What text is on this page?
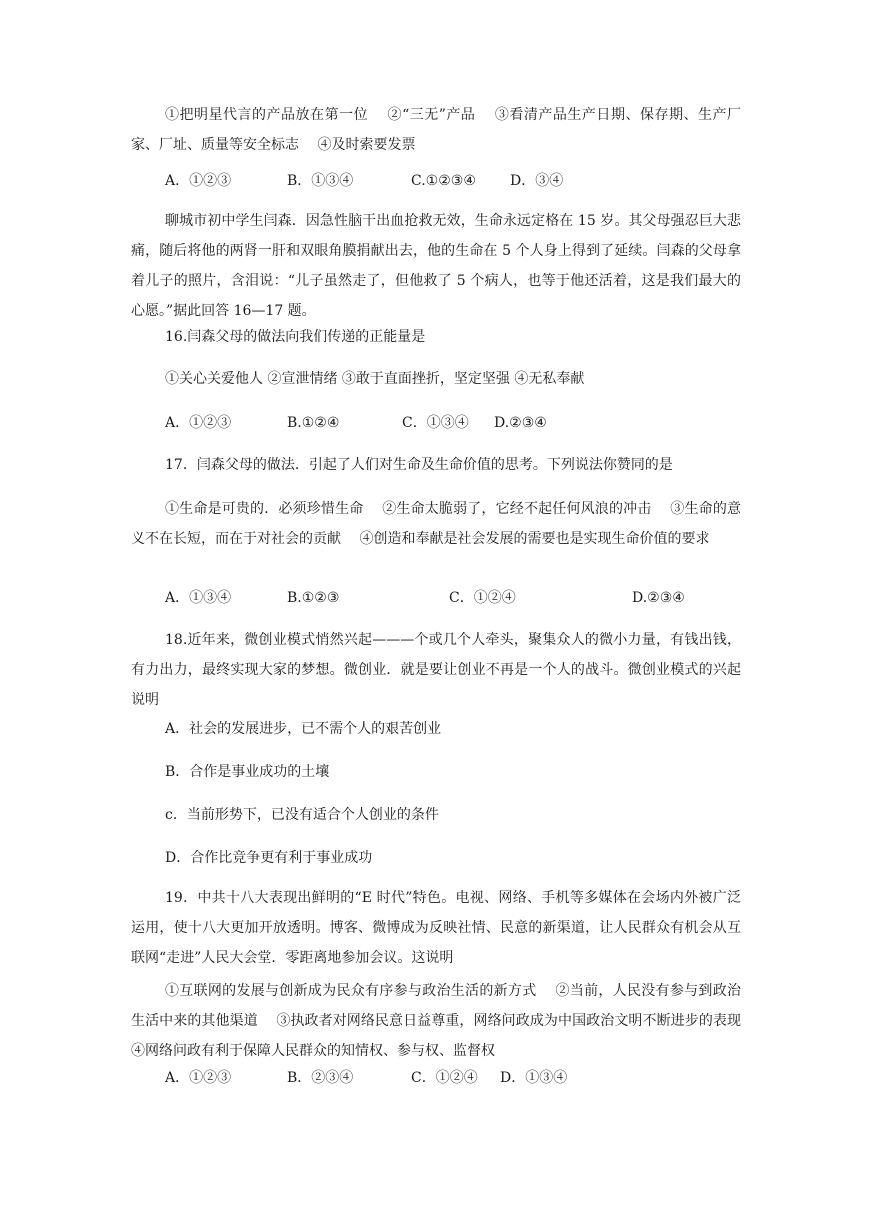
①把明星代言的产品放在第一位　 ②“三无”产品　 ③看清产品生产日期、保存期、生产厂家、厂址、质量等安全标志　 ④及时索要发票

A．①②③	B．①③④	C.①②③④ D．③④

聊城市初中学生闫森．因急性脑干出血抢救无效，生命永远定格在 15 岁。其父母强忍巨大悲痛，随后将他的两肾一肝和双眼角膜捐献出去，他的生命在 5 个人身上得到了延续。闫森的父母拿着儿子的照片，含泪说：“儿子虽然走了，但他救了 5 个病人，也等于他还活着，这是我们最大的心愿。”据此回答 16—17 题。

16.闫森父母的做法向我们传递的正能量是

①关心关爱他人 ②宣泄情绪 ③敢于直面挫折，坚定坚强 ④无私奉献

A．①②③	B.①②④	C．①③④ D.②③④

17．闫森父母的做法．引起了人们对生命及生命价值的思考。下列说法你赞同的是

①生命是可贵的．必须珍惜生命　 ②生命太脆弱了，它经不起任何风浪的冲击　 ③生命的意义不在长短，而在于对社会的贡献　 ④创造和奉献是社会发展的需要也是实现生命价值的要求

A．①③④	B.①②③	C．①②④	D.②③④

18.近年来，微创业模式悄然兴起———个或几个人牵头，聚集众人的微小力量，有钱出钱，有力出力，最终实现大家的梦想。微创业．就是要让创业不再是一个人的战斗。微创业模式的兴起说明

A．社会的发展进步，已不需个人的艰苦创业
B．合作是事业成功的土壤
c．当前形势下，已没有适合个人创业的条件
D．合作比竞争更有利于事业成功

19．中共十八大表现出鲜明的“E 时代”特色。电视、网络、手机等多媒体在会场内外被广泛运用，使十八大更加开放透明。博客、微博成为反映社情、民意的新渠道，让人民群众有机会从互联网“走进”人民大会堂．零距离地参加会议。这说明

①互联网的发展与创新成为民众有序参与政治生活的新方式　 ②当前，人民没有参与到政治生活中来的其他渠道　 ③执政者对网络民意日益尊重，网络问政成为中国政治文明不断进步的表现　 ④网络问政有利于保障人民群众的知情权、参与权、监督权

A．①②③	B．②③④	C．①②④ D．①③④
